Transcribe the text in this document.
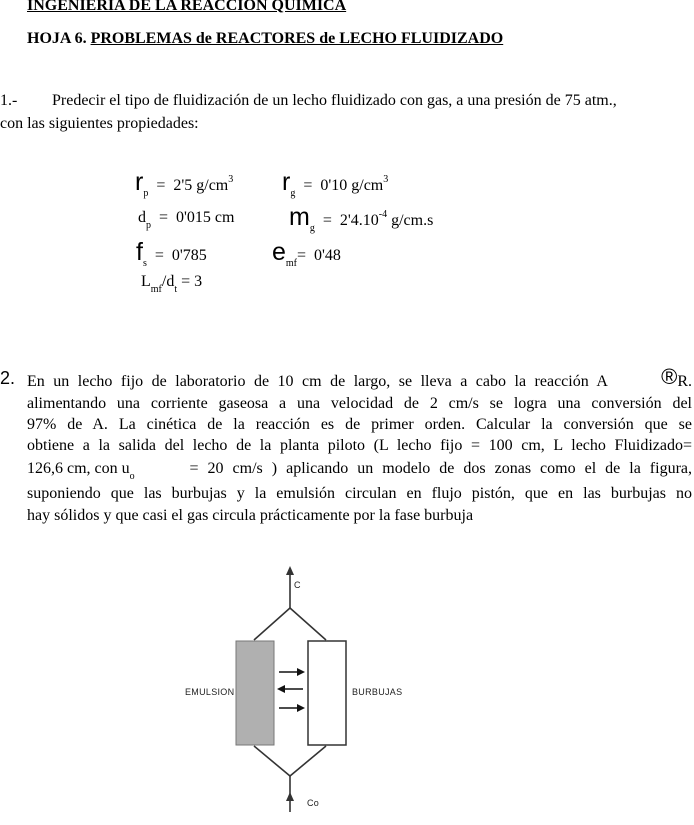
INGENIERIA DE LA REACCION QUIMICA
HOJA 6. PROBLEMAS de REACTORES de LECHO FLUIDIZADO
1.- Predecir el tipo de fluidización de un lecho fluidizado con gas, a una presión de 75 atm.,
con las siguientes propiedades:
$r_p = 2'5$ $g/cm^3$ $r_g = 0'10$ $g/cm^3$
$d_p = 0'015$ cm $m_g = 2'4.10^{-4}$ g/cm.s
$f_s = 0'785$	$e_{mf}= 0'48$
$L_{mf}/d_t = 3$
2. En un lecho fijo de laboratorio de 10 cm de largo, se lleva a cabo la reacción A ® R.
alimentando una corriente gaseosa a una velocidad de 2 cm/s se logra una conversión del
97% de A. La cinética de la reacción es de primer orden. Calcular la conversión que se
obtiene a la salida del lecho de la planta piloto (L lecho fijo = 100 cm, L lecho Fluidizado=
126,6 cm, con $u_o$	= 20 cm/s ) aplicando un modelo de dos zonas como el de la figura,
suponiendo que las burbujas y la emulsión circulan en flujo pistón, que en las burbujas no
hay sólidos y que casi el gas circula prácticamente por la fase burbuja
C
Co
EMULSION	BURBUJAS
